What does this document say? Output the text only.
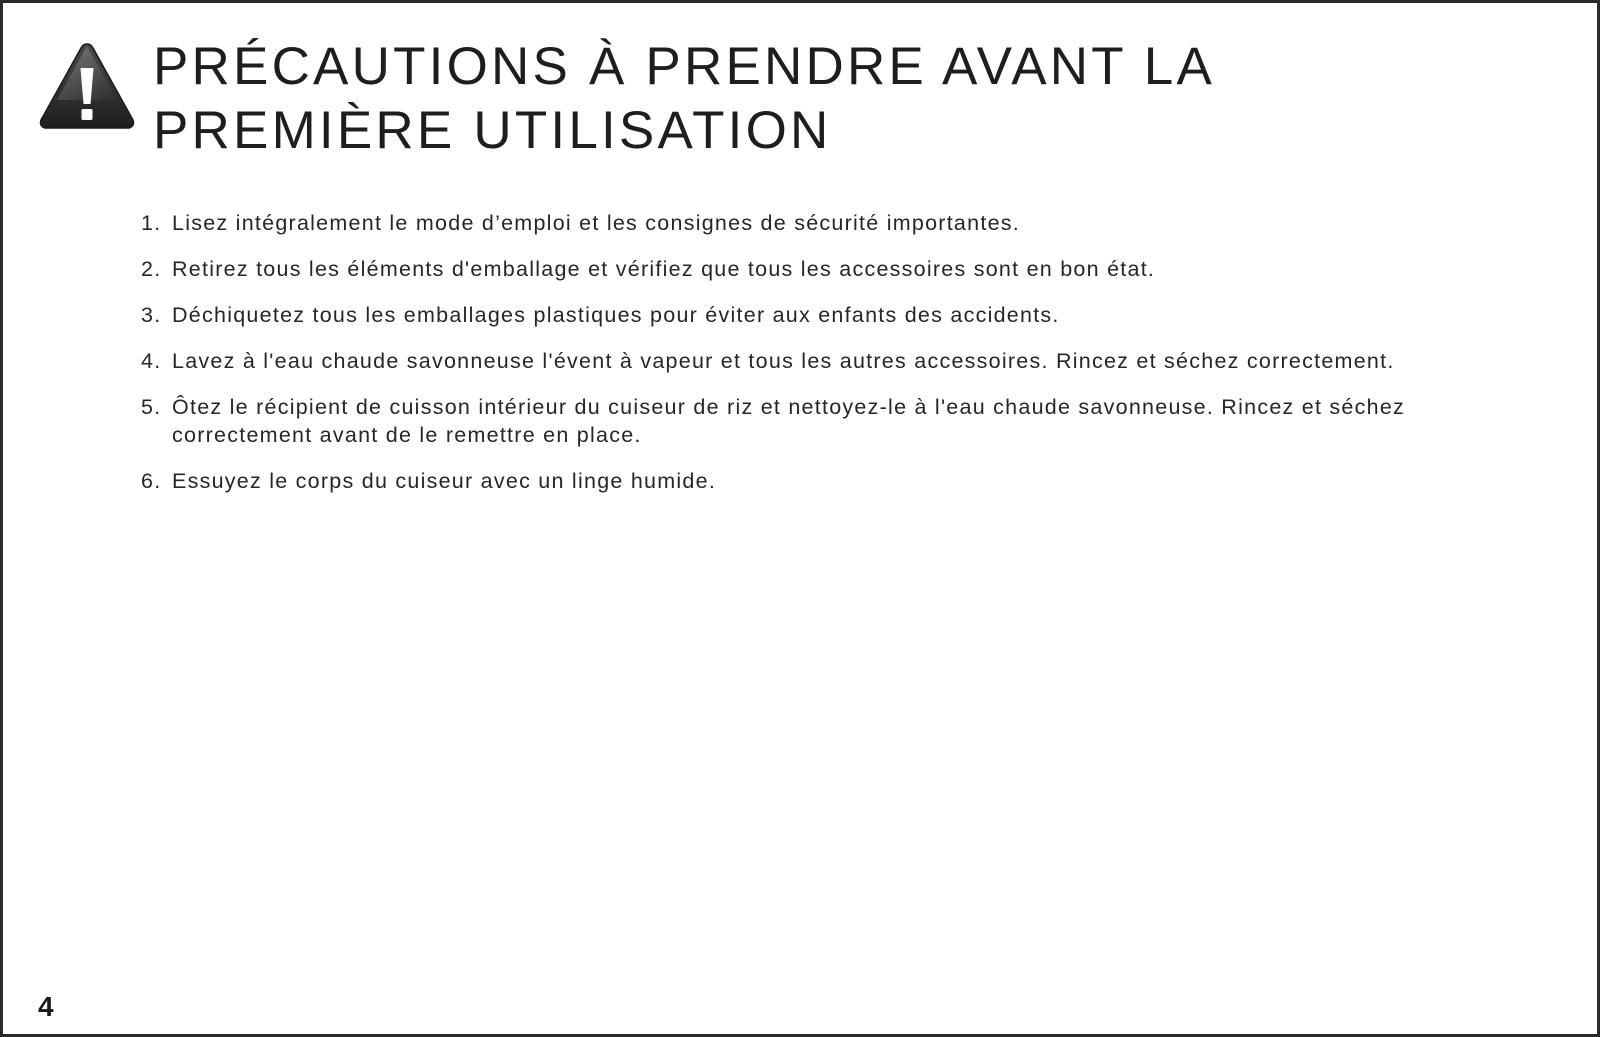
PRÉCAUTIONS À PRENDRE AVANT LA
PREMIÈRE UTILISATION
1. Lisez intégralement le mode d’emploi et les consignes de sécurité importantes.
2. Retirez tous les éléments d'emballage et vérifiez que tous les accessoires sont en bon état.
3. Déchiquetez tous les emballages plastiques pour éviter aux enfants des accidents.
4. Lavez à l'eau chaude savonneuse l'évent à vapeur et tous les autres accessoires. Rincez et séchez correctement.
5. Ôtez le récipient de cuisson intérieur du cuiseur de riz et nettoyez-le à l'eau chaude savonneuse. Rincez et séchez correctement avant de le remettre en place.
6. Essuyez le corps du cuiseur avec un linge humide.
4
